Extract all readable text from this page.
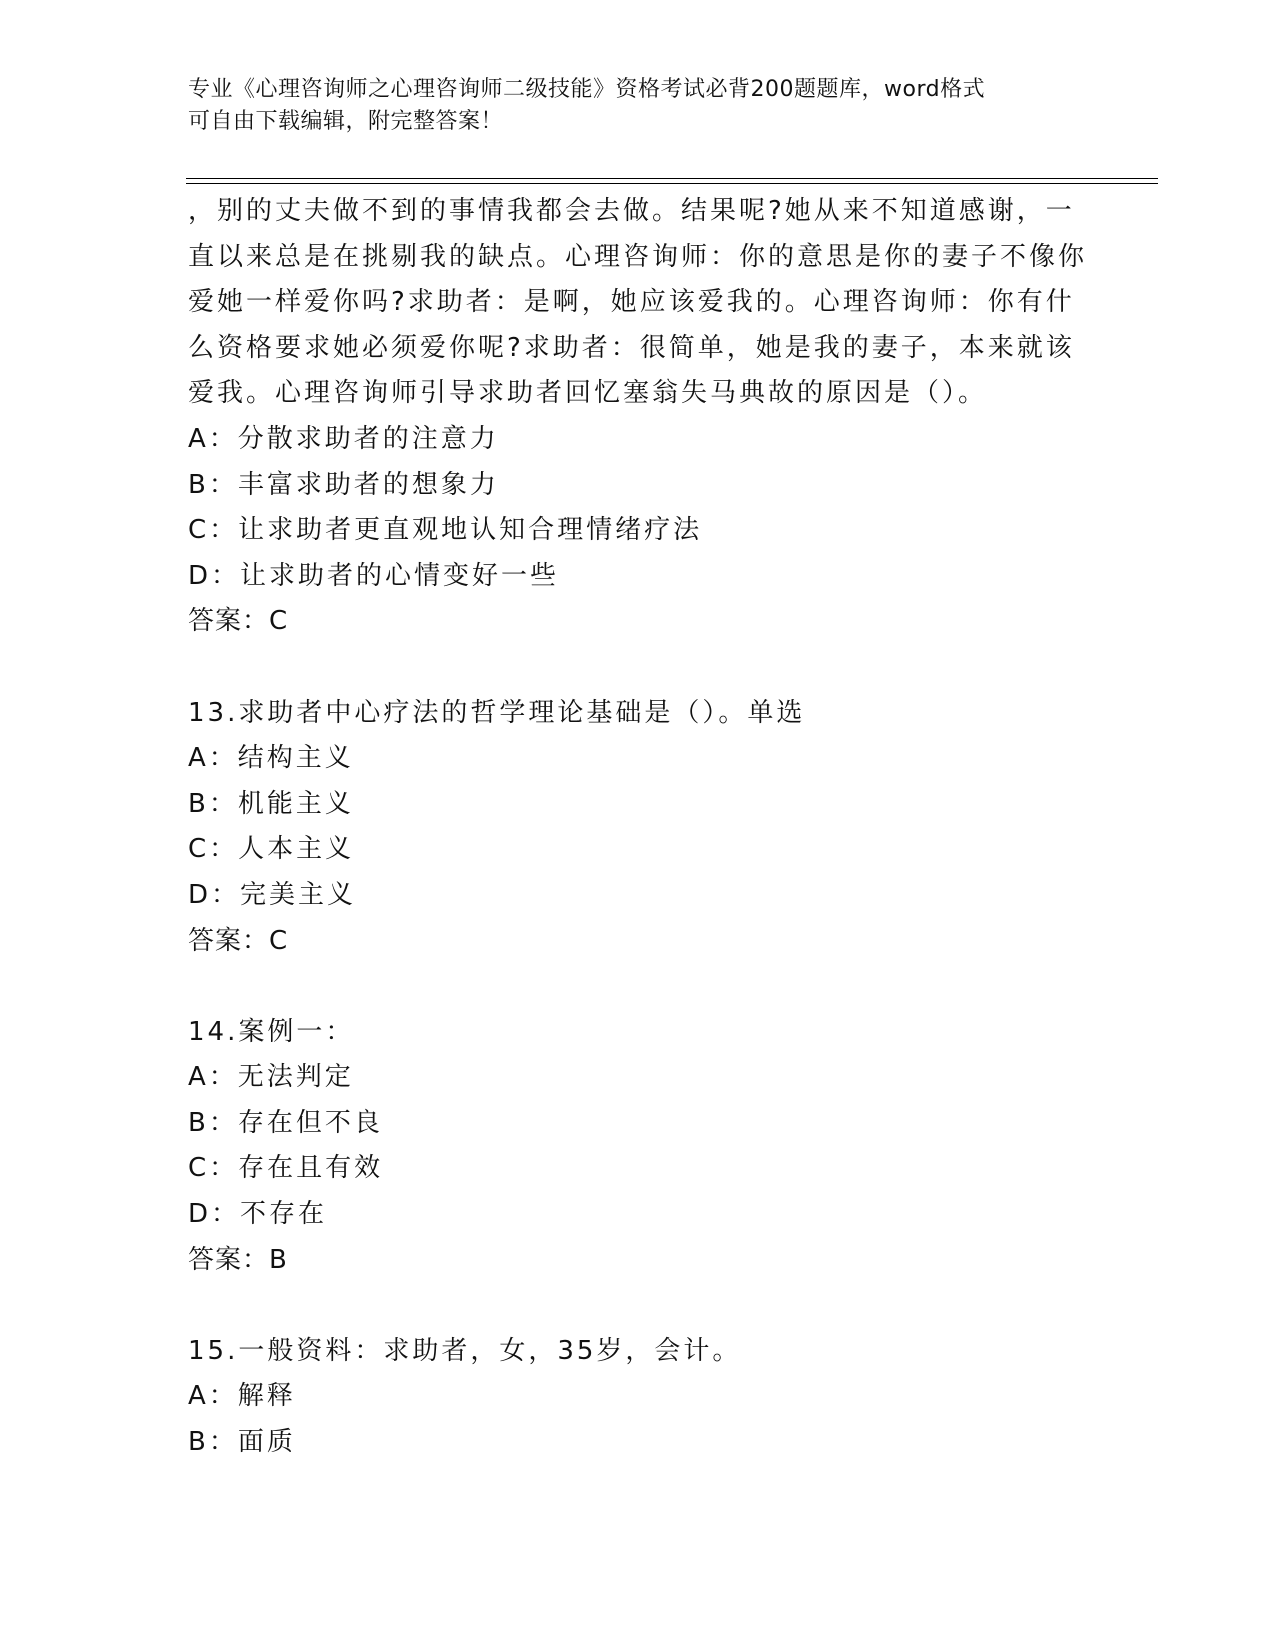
专业《心理咨询师之心理咨询师二级技能》资格考试必背200题题库，word格式
可自由下载编辑，附完整答案！

，别的丈夫做不到的事情我都会去做。结果呢?她从来不知道感谢，一直以来总是在挑剔我的缺点。心理咨询师：你的意思是你的妻子不像你爱她一样爱你吗?求助者：是啊，她应该爱我的。心理咨询师：你有什么资格要求她必须爱你呢?求助者：很简单，她是我的妻子，本来就该爱我。心理咨询师引导求助者回忆塞翁失马典故的原因是（）。

A：分散求助者的注意力
B：丰富求助者的想象力
C：让求助者更直观地认知合理情绪疗法
D：让求助者的心情变好一些
答案：C
13.求助者中心疗法的哲学理论基础是（）。单选
A：结构主义
B：机能主义
C：人本主义
D：完美主义
答案：C
14.案例一：
A：无法判定
B：存在但不良
C：存在且有效
D：不存在
答案：B
15.一般资料：求助者，女，35岁，会计。
A：解释
B：面质
